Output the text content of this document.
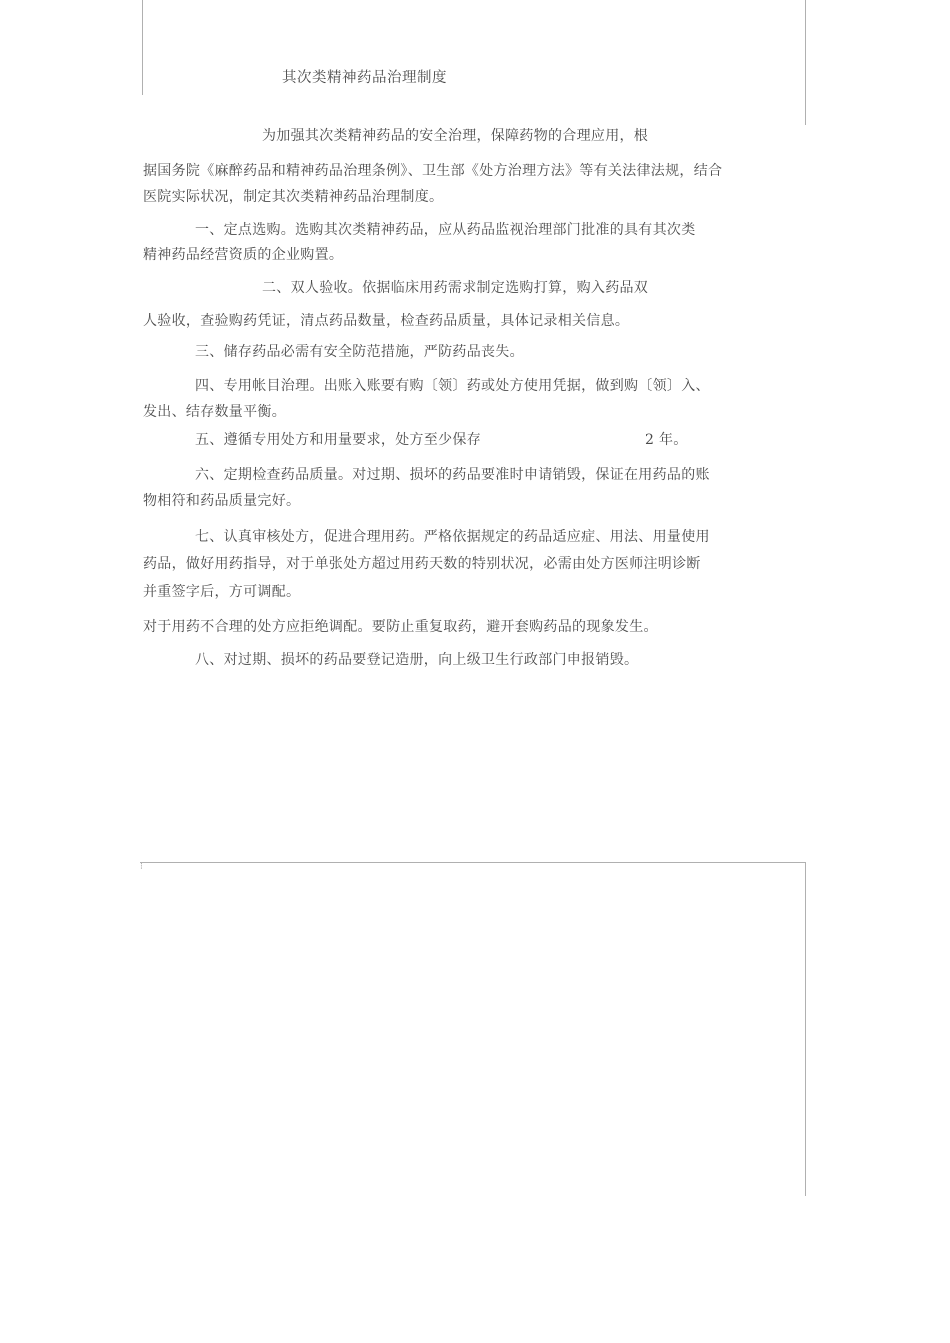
⁝

其次类精神药品治理制度

为加强其次类精神药品的安全治理，保障药物的合理应用，根

据国务院《麻醉药品和精神药品治理条例》、卫生部《处方治理方法》等有关法律法规，结合

医院实际状况，制定其次类精神药品治理制度。

一、定点选购。选购其次类精神药品，应从药品监视治理部门批准的具有其次类

精神药品经营资质的企业购置。

二、双人验收。依据临床用药需求制定选购打算，购入药品双

人验收，查验购药凭证，清点药品数量，检查药品质量，具体记录相关信息。

三、储存药品必需有安全防范措施，严防药品丧失。

四、专用帐目治理。出账入账要有购〔领〕药或处方使用凭据，做到购〔领〕入、

发出、结存数量平衡。

五、遵循专用处方和用量要求，处方至少保存	2 年。

六、定期检查药品质量。对过期、损坏的药品要准时申请销毁，保证在用药品的账

物相符和药品质量完好。

七、认真审核处方，促进合理用药。严格依据规定的药品适应症、用法、用量使用

药品，做好用药指导，对于单张处方超过用药天数的特别状况，必需由处方医师注明诊断

并重签字后，方可调配。

对于用药不合理的处方应拒绝调配。要防止重复取药，避开套购药品的现象发生。

八、对过期、损坏的药品要登记造册，向上级卫生行政部门申报销毁。
